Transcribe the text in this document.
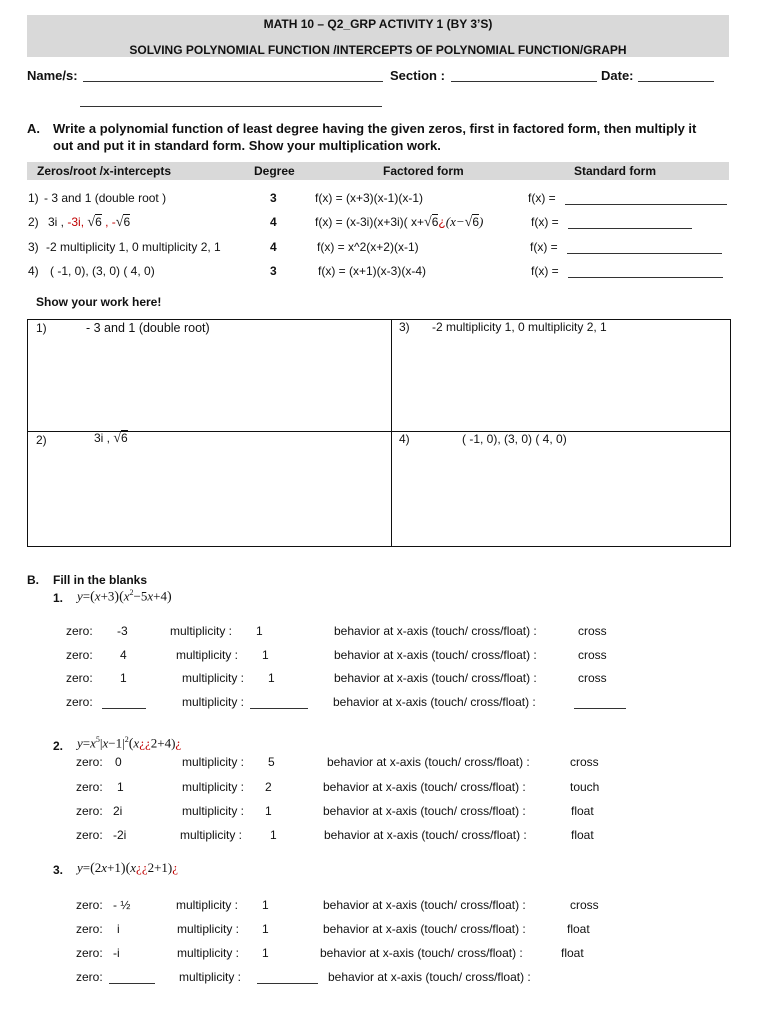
MATH 10 – Q2_GRP ACTIVITY 1 (BY 3’S)
SOLVING POLYNOMIAL FUNCTION /INTERCEPTS OF POLYNOMIAL FUNCTION/GRAPH
Name/s:	Section :	Date:
A. Write a polynomial function of least degree having the given zeros, first in factored form, then multiply it
out and put it in standard form. Show your multiplication work.
Zeros/root /x-intercepts	Degree	Factored form	Standard form
1) - 3 and 1 (double root )	3	f(x) = (x+3)(x-1)(x-1)	f(x) =
2) 3i , -3i, √6 , -√6	4	f(x) = (x-3i)(x+3i)( x+√6¿(x−√6)	f(x) =
3) -2 multiplicity 1, 0 multiplicity 2, 1	4	f(x) = x^2(x+2)(x-1)	f(x) =
4) ( -1, 0), (3, 0) ( 4, 0)	3	f(x) = (x+1)(x-3)(x-4)	f(x) =
Show your work here!
1)	- 3 and 1 (double root)	3) -2 multiplicity 1, 0 multiplicity 2, 1
2)	3i , √6	4)	( -1, 0), (3, 0) ( 4, 0)
B. Fill in the blanks
1. $y=(x+3)(x^2-5x+4)$
zero: -3	multiplicity : 1	behavior at x-axis (touch/ cross/float) :	cross
zero: 4	multiplicity : 1	behavior at x-axis (touch/ cross/float) :	cross
zero: 1	multiplicity : 1	behavior at x-axis (touch/ cross/float) :	cross
zero:	multiplicity :	behavior at x-axis (touch/ cross/float) :
2. $y=x^5|x-1|^2(x¿¿2+4)¿$
zero: 0	multiplicity : 5	behavior at x-axis (touch/ cross/float) :	cross
zero: 1	multiplicity : 2	behavior at x-axis (touch/ cross/float) :	touch
zero: 2i	multiplicity : 1	behavior at x-axis (touch/ cross/float) :	float
zero: -2i	multiplicity : 1	behavior at x-axis (touch/ cross/float) :	float
3. y=(2x+1)(x¿¿2+1)¿
zero: - ½	multiplicity : 1	behavior at x-axis (touch/ cross/float) :	cross
zero: i	multiplicity : 1	behavior at x-axis (touch/ cross/float) :	float
zero: -i	multiplicity : 1	behavior at x-axis (touch/ cross/float) :	float
zero:	multiplicity :	behavior at x-axis (touch/ cross/float) :
